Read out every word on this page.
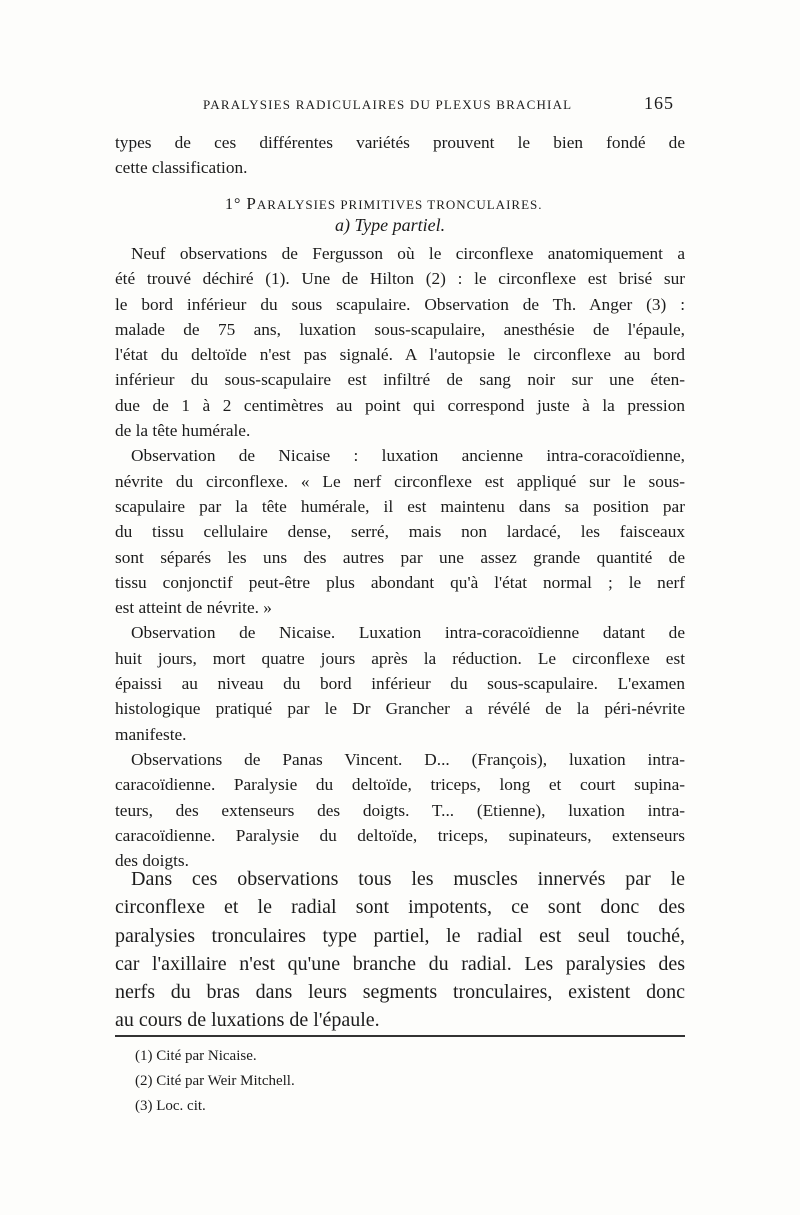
PARALYSIES RADICULAIRES DU PLEXUS BRACHIAL	165
types de ces différentes variétés prouvent le bien fondé de
cette classification.
1° PARALYSIES PRIMITIVES TRONCULAIRES.
a) Type partiel.
Neuf observations de Fergusson où le circonflexe anatomiquement a
été trouvé déchiré (1). Une de Hilton (2) : le circonflexe est brisé sur
le bord inférieur du sous scapulaire. Observation de Th. Anger (3) :
malade de 75 ans, luxation sous-scapulaire, anesthésie de l'épaule,
l'état du deltoïde n'est pas signalé. A l'autopsie le circonflexe au bord
inférieur du sous-scapulaire est infiltré de sang noir sur une éten-
due de 1 à 2 centimètres au point qui correspond juste à la pression
de la tête humérale.
Observation de Nicaise : luxation ancienne intra-coracoïdienne,
névrite du circonflexe. « Le nerf circonflexe est appliqué sur le sous-
scapulaire par la tête humérale, il est maintenu dans sa position par
du tissu cellulaire dense, serré, mais non lardacé, les faisceaux
sont séparés les uns des autres par une assez grande quantité de
tissu conjonctif peut-être plus abondant qu'à l'état normal ; le nerf
est atteint de névrite. »
Observation de Nicaise. Luxation intra-coracoïdienne datant de
huit jours, mort quatre jours après la réduction. Le circonflexe est
épaissi au niveau du bord inférieur du sous-scapulaire. L'examen
histologique pratiqué par le Dr Grancher a révélé de la péri-névrite
manifeste.
Observations de Panas Vincent. D... (François), luxation intra-
caracoïdienne. Paralysie du deltoïde, triceps, long et court supina-
teurs, des extenseurs des doigts. T... (Etienne), luxation intra-
caracoïdienne. Paralysie du deltoïde, triceps, supinateurs, extenseurs
des doigts.
Dans ces observations tous les muscles innervés par le
circonflexe et le radial sont impotents, ce sont donc des
paralysies tronculaires type partiel, le radial est seul touché,
car l'axillaire n'est qu'une branche du radial. Les paralysies des
nerfs du bras dans leurs segments tronculaires, existent donc
au cours de luxations de l'épaule.
(1) Cité par Nicaise.
(2) Cité par Weir Mitchell.
(3) Loc. cit.
